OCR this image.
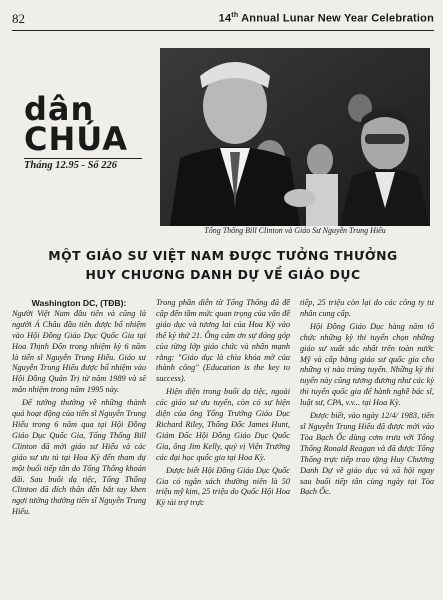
82	14th Annual Lunar New Year Celebration
dân
CHÚA
Tháng 12.95 - Số 226
Tổng Thống Bill Clinton và Giáo Sư Nguyễn Trung Hiếu
MỘT GIÁO SƯ VIỆT NAM ĐƯỢC TƯỞNG THƯỞNG
HUY CHƯƠNG DANH DỰ VỀ GIÁO DỤC
Washington DC, (TĐB):

Người Việt Nam đầu tiên và cũng là người Á Châu đầu tiên được bổ nhiệm vào Hội Đồng Giáo Dục Quốc Gia tại Hoa Thịnh Đốn trong nhiệm kỳ 6 năm là tiến sĩ Nguyễn Trung Hiếu. Giáo sư Nguyễn Trung Hiếu được bổ nhiệm vào Hội Đồng Quản Trị từ năm 1989 và sẽ mãn nhiệm trong năm 1995 này.

Để tưởng thưởng về những thành quả hoạt động của tiến sĩ Nguyễn Trung Hiếu trong 6 năm qua tại Hội Đồng Giáo Dục Quốc Gia, Tổng Thống Bill Clinton đã mời giáo sư Hiếu và các giáo sư ưu tú tại Hoa Kỳ đến tham dự một buổi tiếp tân do Tổng Thống khoản đãi. Sau buổi dạ tiệc, Tổng Thống Clinton đã đích thân đến bắt tay khen ngợi tưởng thưởng tiến sĩ Nguyễn Trung Hiếu.

Trong phần diễn từ Tổng Thống đã đề cập đến tầm mức quan trọng của vấn đề giáo dục và tương lai của Hoa Kỳ vào thế kỷ thứ 21. Ông cám ơn sự đóng góp của từng lớp giáo chức và nhấn mạnh rằng: "Giáo dục là chìa khóa mở của thành công" (Education is the key to success).

Hiện diện trong buổi dạ tiệc, ngoài các giáo sư ưu tuyển, còn có sự hiện diện của ông Tổng Trưởng Giáo Dục Richard Riley, Thống Đốc James Hunt, Giám Đốc Hội Đồng Giáo Dục Quốc Gia, ông Jim Kelly, quý vị Viện Trưởng các đại học quốc gia tại Hoa Kỳ.

Được biết Hội Đồng Giáo Dục Quốc Gia có ngân sách thường niên là 50 triệu mỹ kim, 25 triệu do Quốc Hội Hoa Kỳ tài trợ trực

tiếp, 25 triệu còn lại do các công ty tư nhân cung cấp.

Hội Đồng Giáo Dục hàng năm tổ chức những kỳ thi tuyển chọn những giáo sư xuất sắc nhất trên toàn nước Mỹ và cấp bằng giáo sư quốc gia cho những vị nào trúng tuyển. Những kỳ thi tuyển này cũng tương đương như các kỳ thi tuyển quốc gia để hành nghề bác sĩ, luật sư, CPA, v.v... tại Hoa Kỳ.

Được biết, vào ngày 12/4/ 1983, tiến sĩ Nguyễn Trung Hiếu đã được mời vào Tòa Bạch Ốc dùng cơm trưa với Tổng Thống Ronald Reagan và đã được Tổng Thống trực tiếp trao tặng Huy Chương Danh Dự về giáo dục và xã hội ngay sau buổi tiếp tân cùng ngày tại Tòa Bạch Ốc.
